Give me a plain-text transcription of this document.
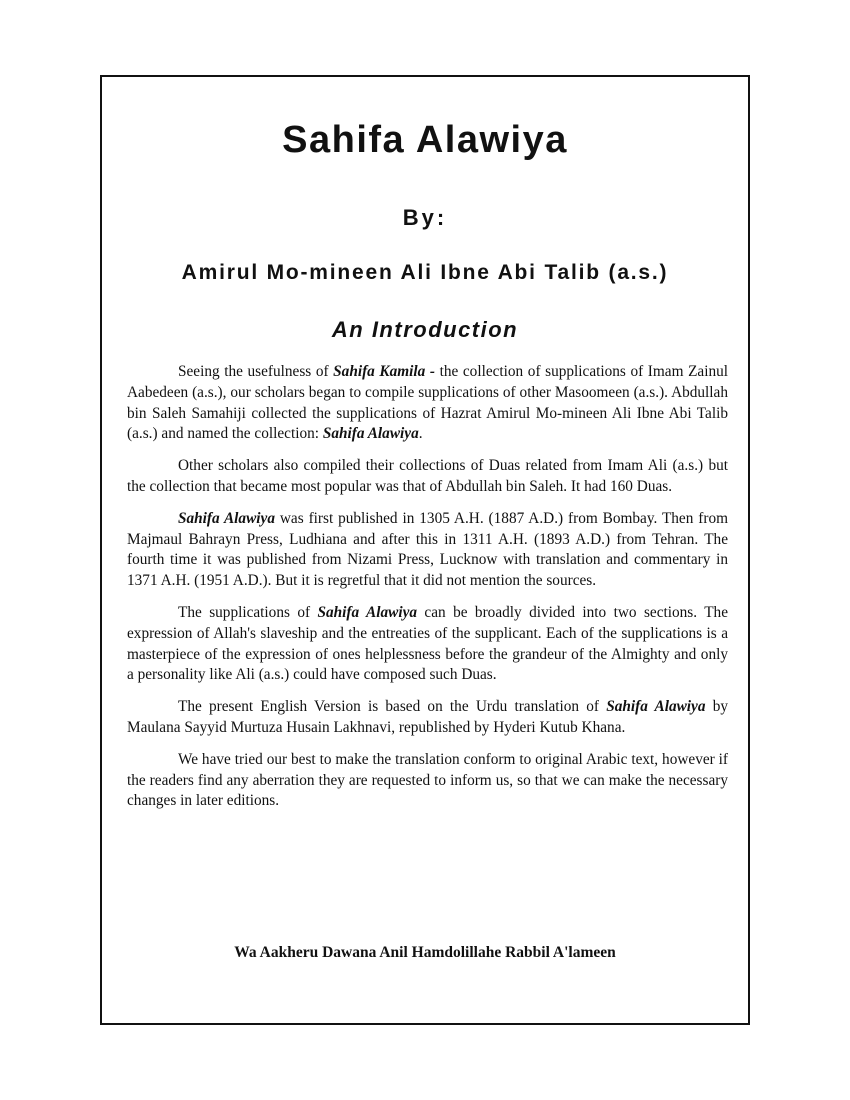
Sahifa Alawiya
By:
Amirul Mo-mineen Ali Ibne Abi Talib (a.s.)
An Introduction

Seeing the usefulness of Sahifa Kamila - the collection of supplications of Imam Zainul Aabedeen (a.s.), our scholars began to compile supplications of other Masoomeen (a.s.). Abdullah bin Saleh Samahiji collected the supplications of Hazrat Amirul Mo-mineen Ali Ibne Abi Talib (a.s.) and named the collection: Sahifa Alawiya.

Other scholars also compiled their collections of Duas related from Imam Ali (a.s.) but the collection that became most popular was that of Abdullah bin Saleh. It had 160 Duas.

Sahifa Alawiya was first published in 1305 A.H. (1887 A.D.) from Bombay. Then from Majmaul Bahrayn Press, Ludhiana and after this in 1311 A.H. (1893 A.D.) from Tehran. The fourth time it was published from Nizami Press, Lucknow with translation and commentary in 1371 A.H. (1951 A.D.). But it is regretful that it did not mention the sources.

The supplications of Sahifa Alawiya can be broadly divided into two sections. The expression of Allah's slaveship and the entreaties of the supplicant. Each of the supplications is a masterpiece of the expression of ones helplessness before the grandeur of the Almighty and only a personality like Ali (a.s.) could have composed such Duas.

The present English Version is based on the Urdu translation of Sahifa Alawiya by Maulana Sayyid Murtuza Husain Lakhnavi, republished by Hyderi Kutub Khana.

We have tried our best to make the translation conform to original Arabic text, however if the readers find any aberration they are requested to inform us, so that we can make the necessary changes in later editions.

Wa Aakheru Dawana Anil Hamdolillahe Rabbil A'lameen
